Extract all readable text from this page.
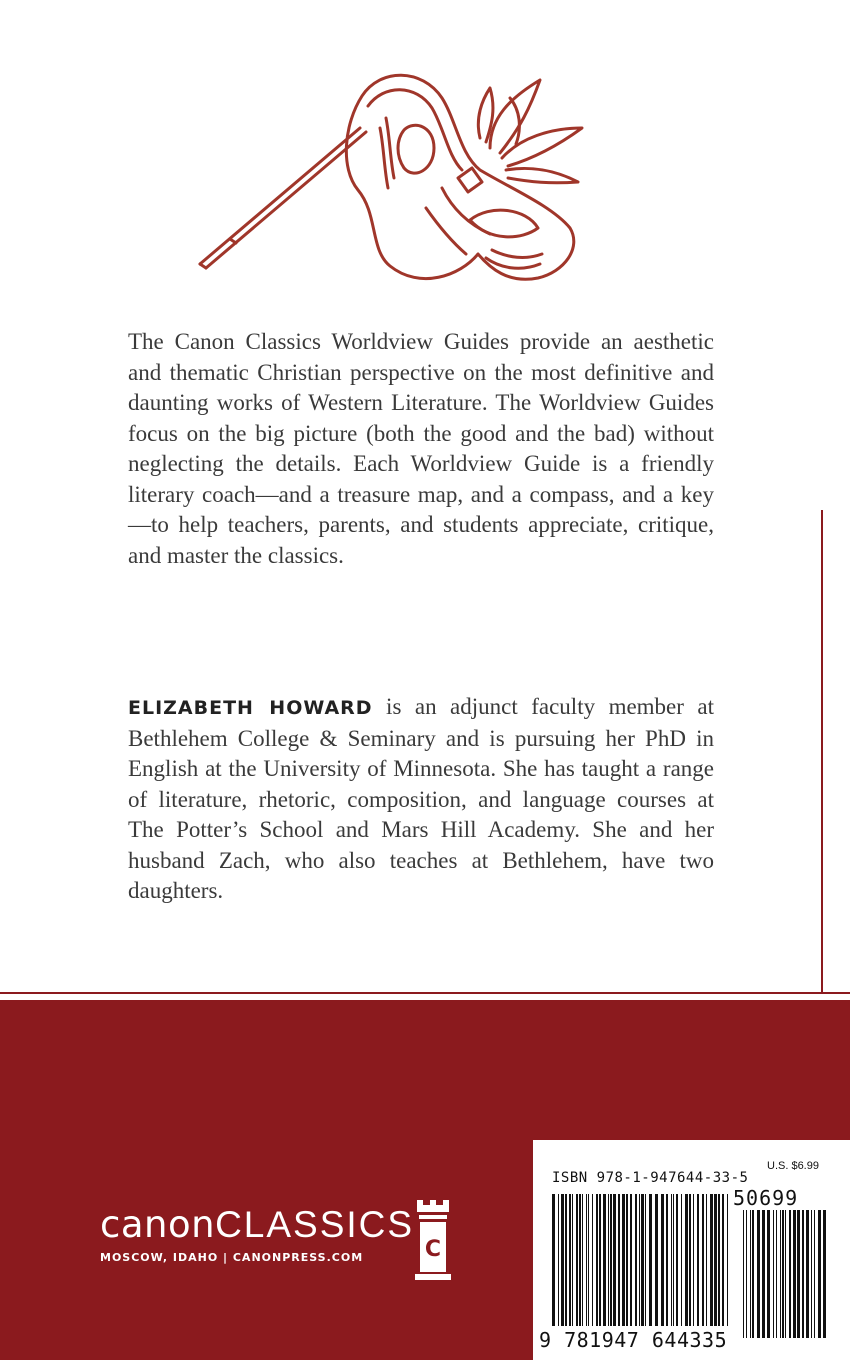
The Canon Classics Worldview Guides provide an aesthetic and thematic Christian perspective on the most definitive and daunting works of Western Literature. The Worldview Guides focus on the big picture (both the good and the bad) without neglecting the details. Each Worldview Guide is a friendly literary coach—and a treasure map, and a compass, and a key—to help teachers, parents, and students appreciate, critique, and master the classics.

ELIZABETH HOWARD is an adjunct faculty member at Bethlehem College & Seminary and is pursuing her PhD in English at the University of Minnesota. She has taught a range of literature, rhetoric, composition, and language courses at The Potter’s School and Mars Hill Academy. She and her husband Zach, who also teaches at Bethlehem, have two daughters.

canonCLASSICS
MOSCOW, IDAHO | CANONPRESS.COM	C
ISBN 978-1-947644-33-5
U.S. $6.99
50699
9 781947 644335
